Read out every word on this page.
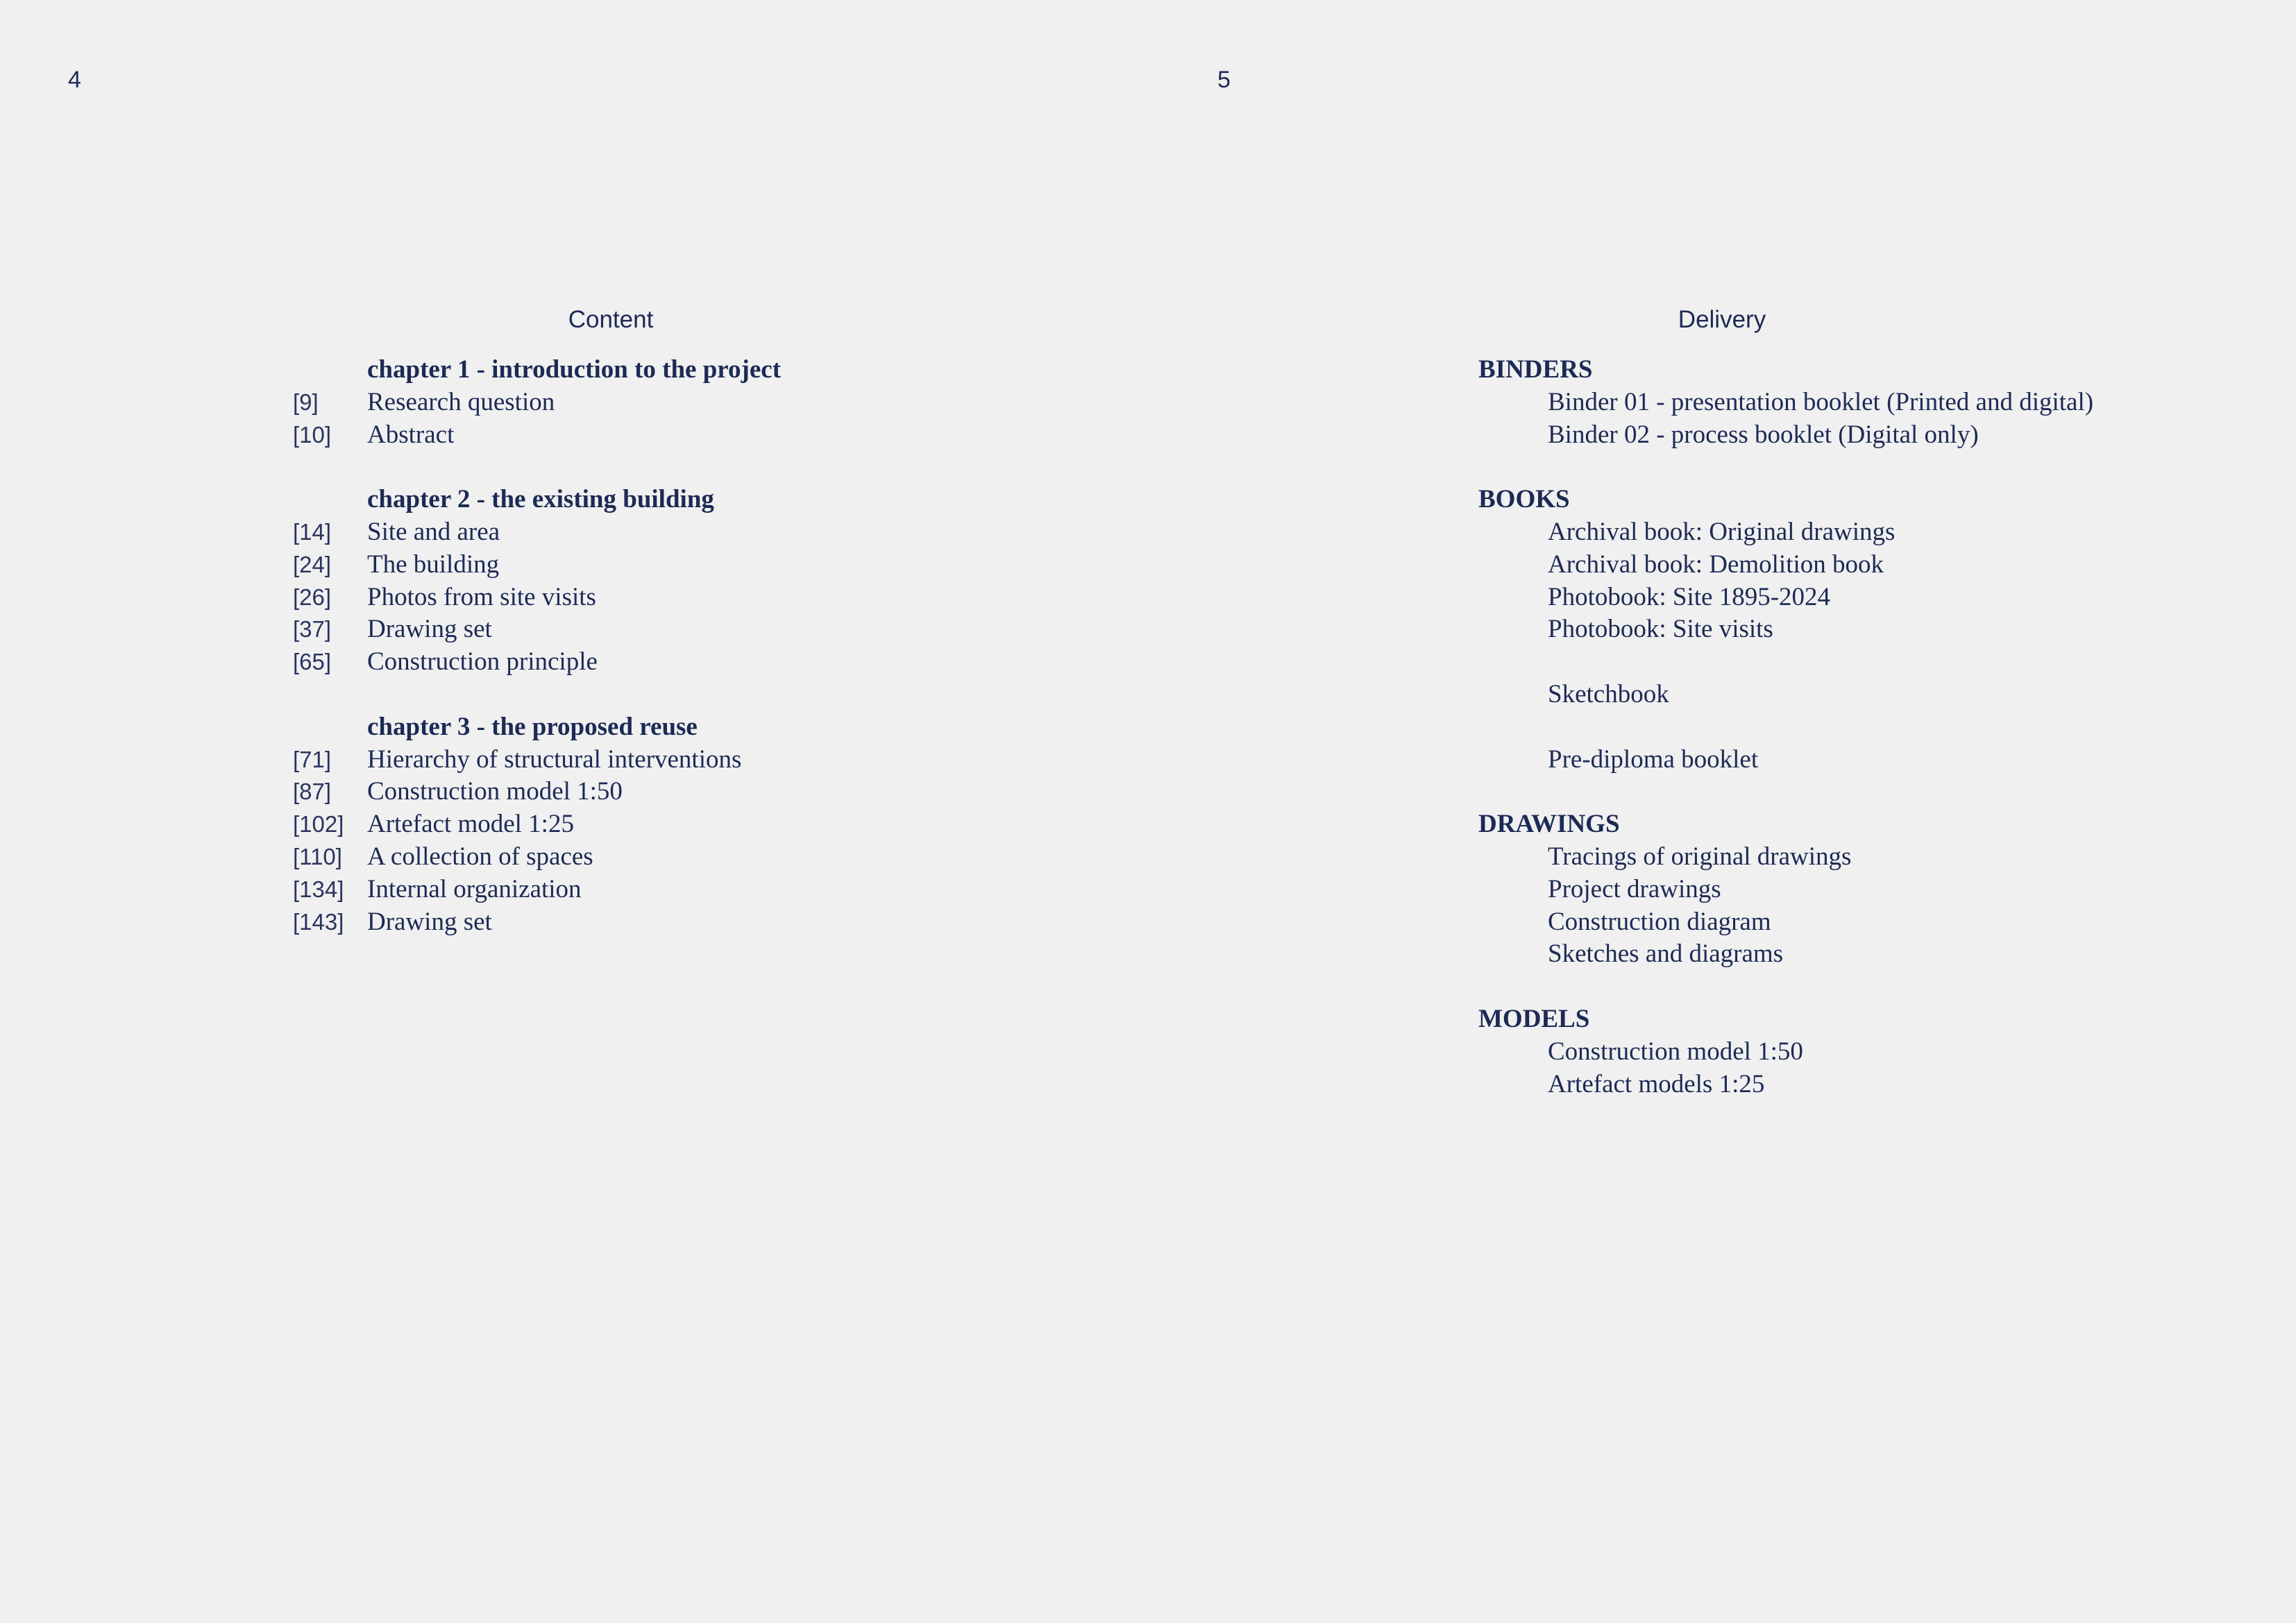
4	5
Content	Delivery
chapter 1 - introduction to the project
[9] Research question
[10] Abstract
chapter 2 - the existing building
[14] Site and area
[24] The building
[26] Photos from site visits
[37] Drawing set
[65] Construction principle
chapter 3 - the proposed reuse
[71] Hierarchy of structural interventions
[87] Construction model 1:50
[102] Artefact model 1:25
[110] A collection of spaces
[134] Internal organization
[143] Drawing set
BINDERS
Binder 01 - presentation booklet (Printed and digital)
Binder 02 - process booklet (Digital only)
BOOKS
Archival book: Original drawings
Archival book: Demolition book
Photobook: Site 1895-2024
Photobook: Site visits
Sketchbook
Pre-diploma booklet
DRAWINGS
Tracings of original drawings
Project drawings
Construction diagram
Sketches and diagrams
MODELS
Construction model 1:50
Artefact models 1:25
